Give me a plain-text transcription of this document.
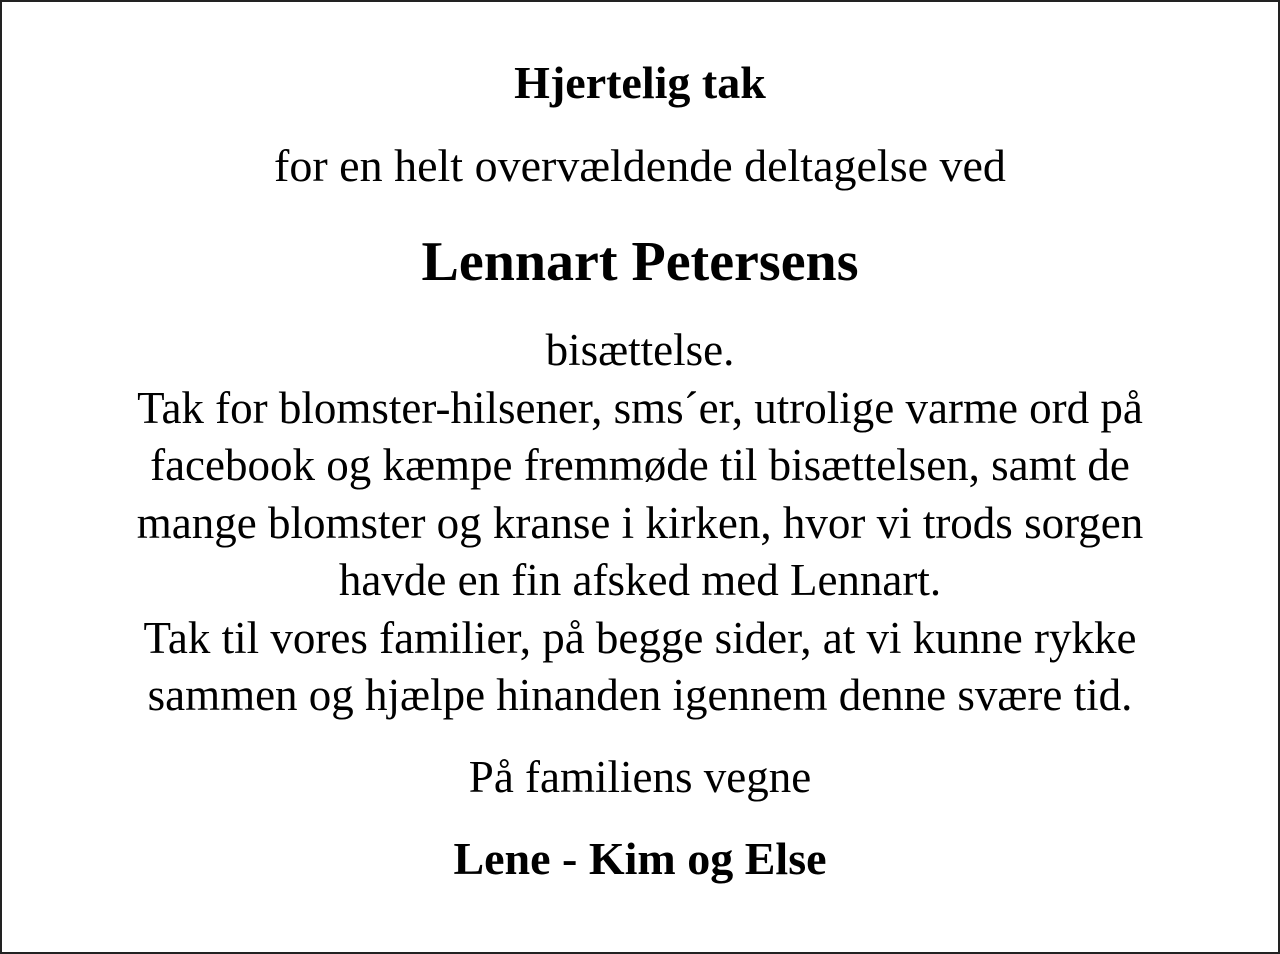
Hjertelig tak
for en helt overvældende deltagelse ved
Lennart Petersens
bisættelse.
Tak for blomster-hilsener, sms´er, utrolige varme ord på
facebook og kæmpe fremmøde til bisættelsen, samt de
mange blomster og kranse i kirken, hvor vi trods sorgen
havde en fin afsked med Lennart.
Tak til vores familier, på begge sider, at vi kunne rykke
sammen og hjælpe hinanden igennem denne svære tid.
På familiens vegne
Lene - Kim og Else
